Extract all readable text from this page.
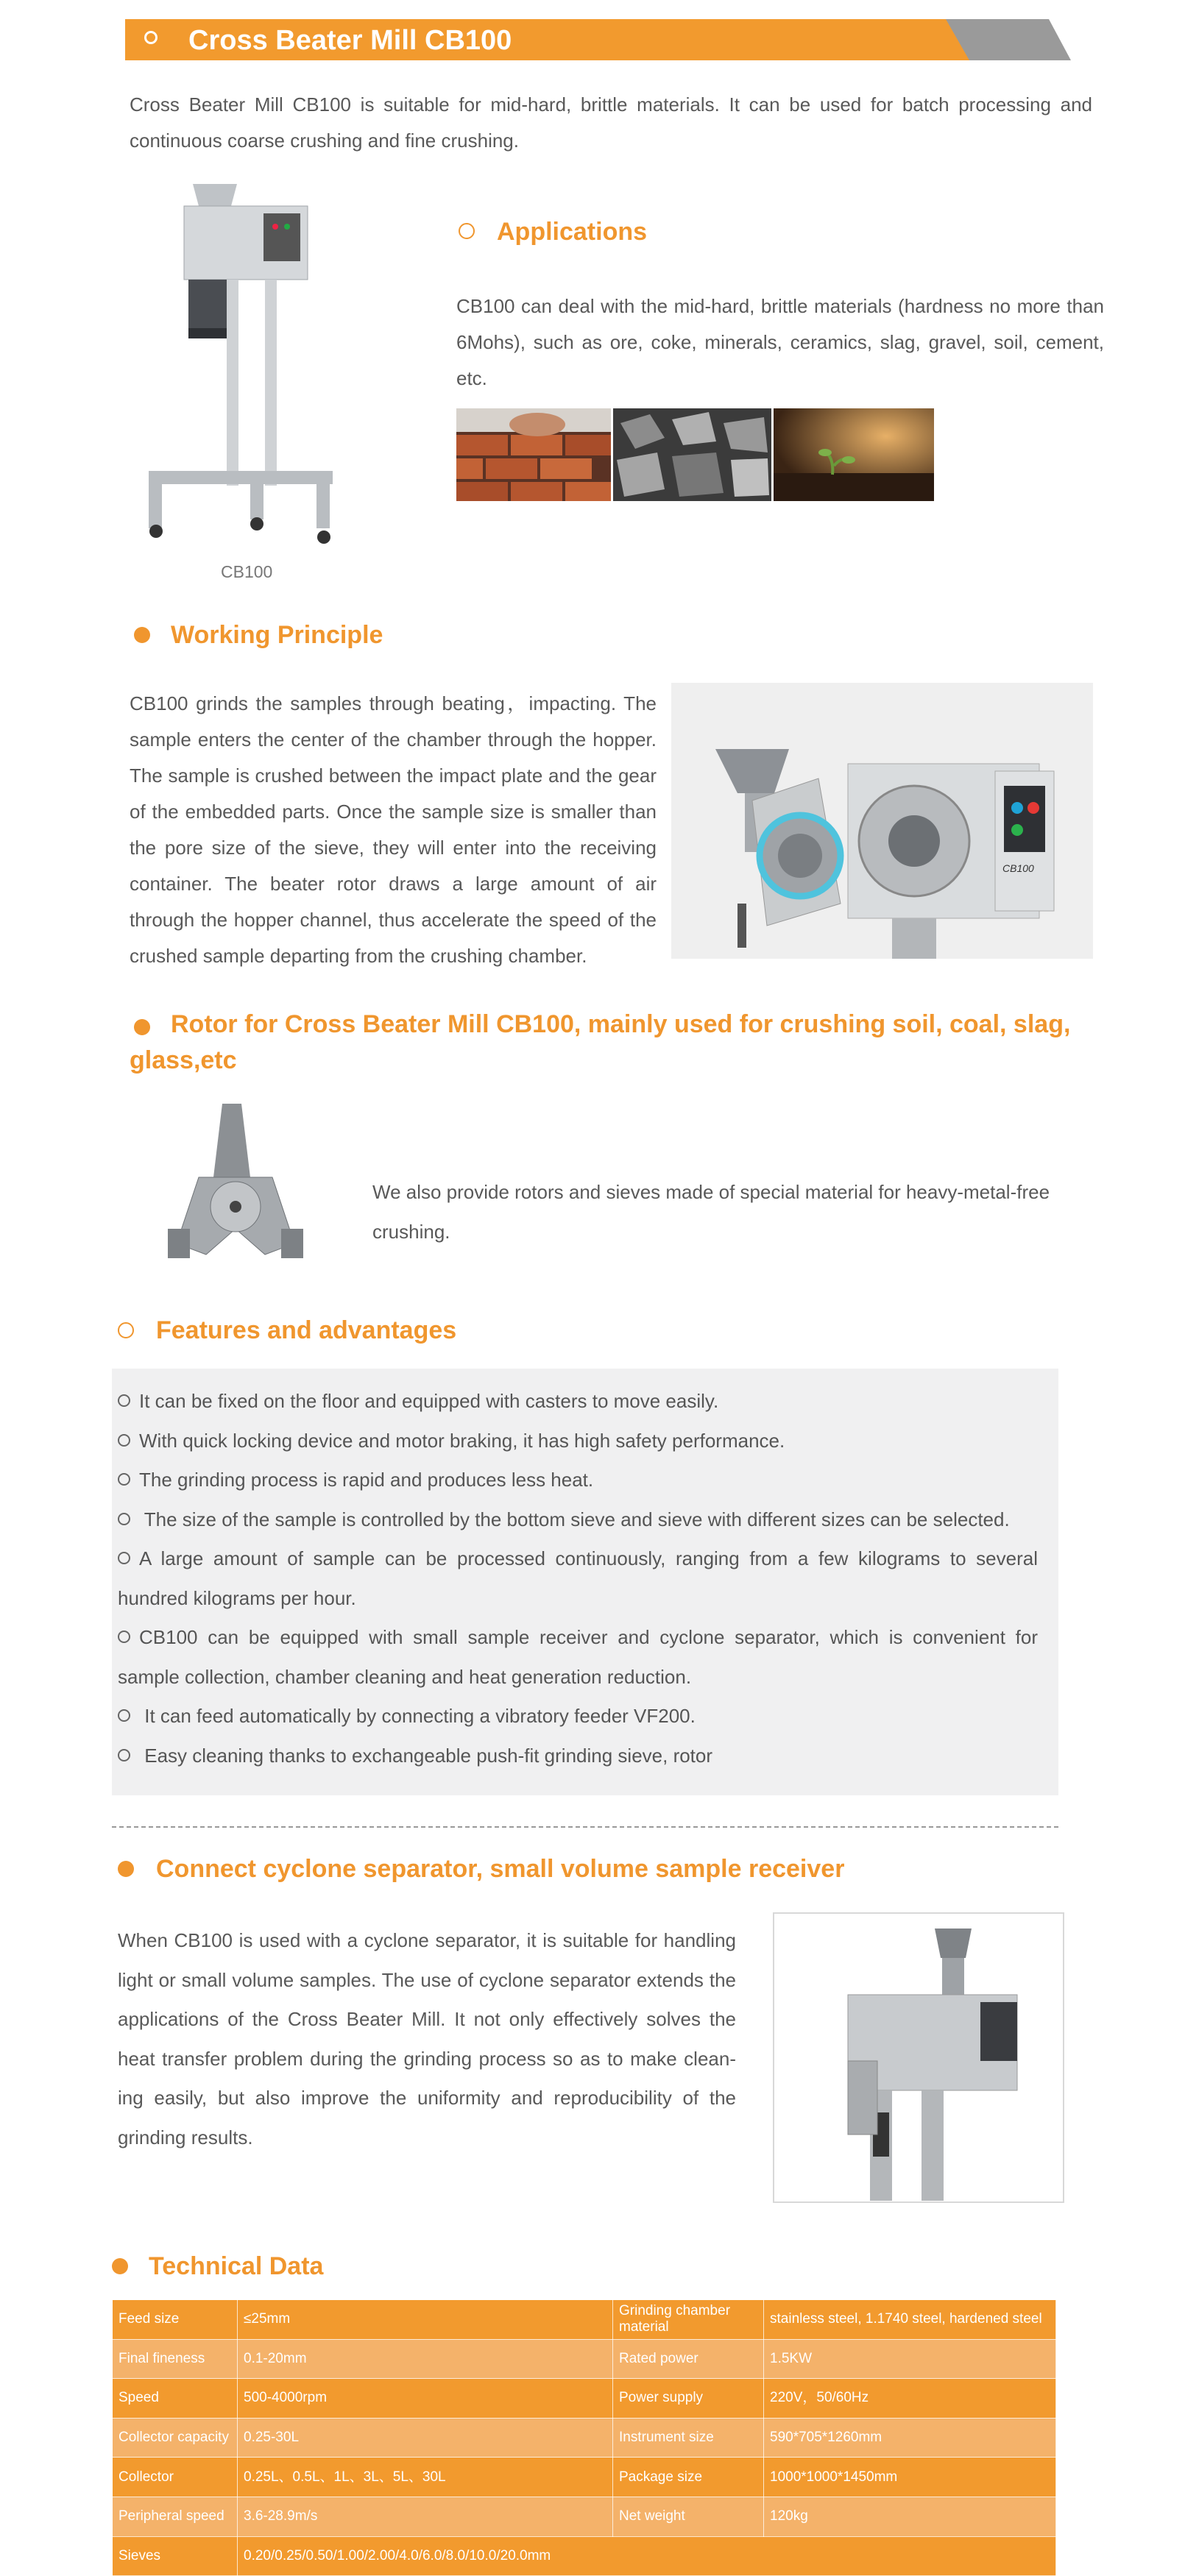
Cross Beater Mill CB100
Cross Beater Mill CB100 is suitable for mid-hard, brittle materials. It can be used for batch processing and continuous coarse crushing and fine crushing.
CB100
Applications
CB100 can deal with the mid-hard, brittle materials (hardness no more than 6Mohs), such as ore, coke, minerals, ceramics, slag, gravel, soil, cement, etc.
Working Principle
CB100 grinds the samples through beating，impacting. The sample enters the center of the chamber through the hopper. The sample is crushed between the impact plate and the gear of the embedded parts. Once the sample size is smaller than the pore size of the sieve, they will enter into the receiving container. The beater rotor draws a large amount of air through the hopper channel, thus accelerate the speed of the crushed sample departing from the crushing chamber.
CB100
Rotor for Cross Beater Mill CB100, mainly used for crushing soil, coal, slag, glass,etc
We also provide rotors and sieves made of special material for heavy-metal-free crushing.
Features and advantages
It can be fixed on the floor and equipped with casters to move easily.
With quick locking device and motor braking, it has high safety performance.
The grinding process is rapid and produces less heat.
The size of the sample is controlled by the bottom sieve and sieve with different sizes can be selected.
A large amount of sample can be processed continuously, ranging from a few kilograms to several hundred kilograms per hour.
CB100 can be equipped with small sample receiver and cyclone separator, which is convenient for sample collection, chamber cleaning and heat generation reduction.
It can feed automatically by connecting a vibratory feeder VF200.
Easy cleaning thanks to exchangeable push-fit grinding sieve, rotor
Connect cyclone separator, small volume sample receiver
When CB100 is used with a cyclone separator, it is suitable for handling light or small volume samples. The use of cyclone separator extends the applications of the Cross Beater Mill. It not only effectively solves the heat transfer problem during the grinding process so as to make clean-ing easily, but also improve the uniformity and reproducibility of the grinding results.
Technical Data
Feed size	≤25mm	Grinding chamber material	stainless steel, 1.1740 steel, hardened steel
Final fineness	0.1-20mm	Rated power	1.5KW
Speed	500-4000rpm	Power supply	220V，50/60Hz
Collector capacity	0.25-30L	Instrument size	590*705*1260mm
Collector	0.25L、0.5L、1L、3L、5L、30L	Package size	1000*1000*1450mm
Peripheral speed	3.6-28.9m/s	Net weight	120kg
Sieves	0.20/0.25/0.50/1.00/2.00/4.0/6.0/8.0/10.0/20.0mm		
